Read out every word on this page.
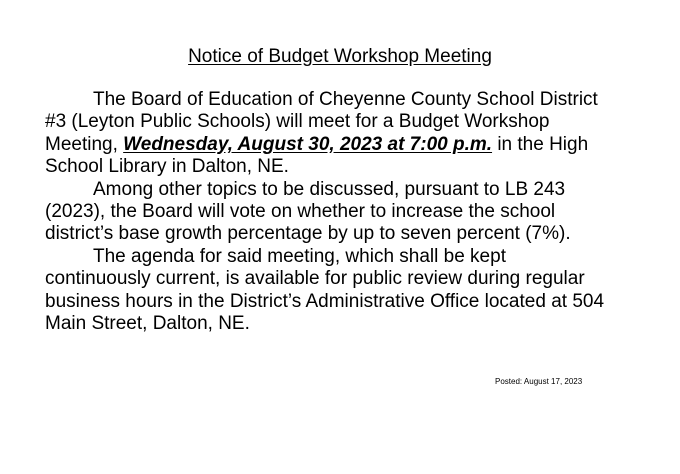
Notice of Budget Workshop Meeting

The Board of Education of Cheyenne County School District #3 (Leyton Public Schools) will meet for a Budget Workshop Meeting, Wednesday, August 30, 2023 at 7:00 p.m. in the High School Library in Dalton, NE.

Among other topics to be discussed, pursuant to LB 243 (2023), the Board will vote on whether to increase the school district’s base growth percentage by up to seven percent (7%).

The agenda for said meeting, which shall be kept continuously current, is available for public review during regular business hours in the District’s Administrative Office located at 504 Main Street, Dalton, NE.

Posted: August 17, 2023
